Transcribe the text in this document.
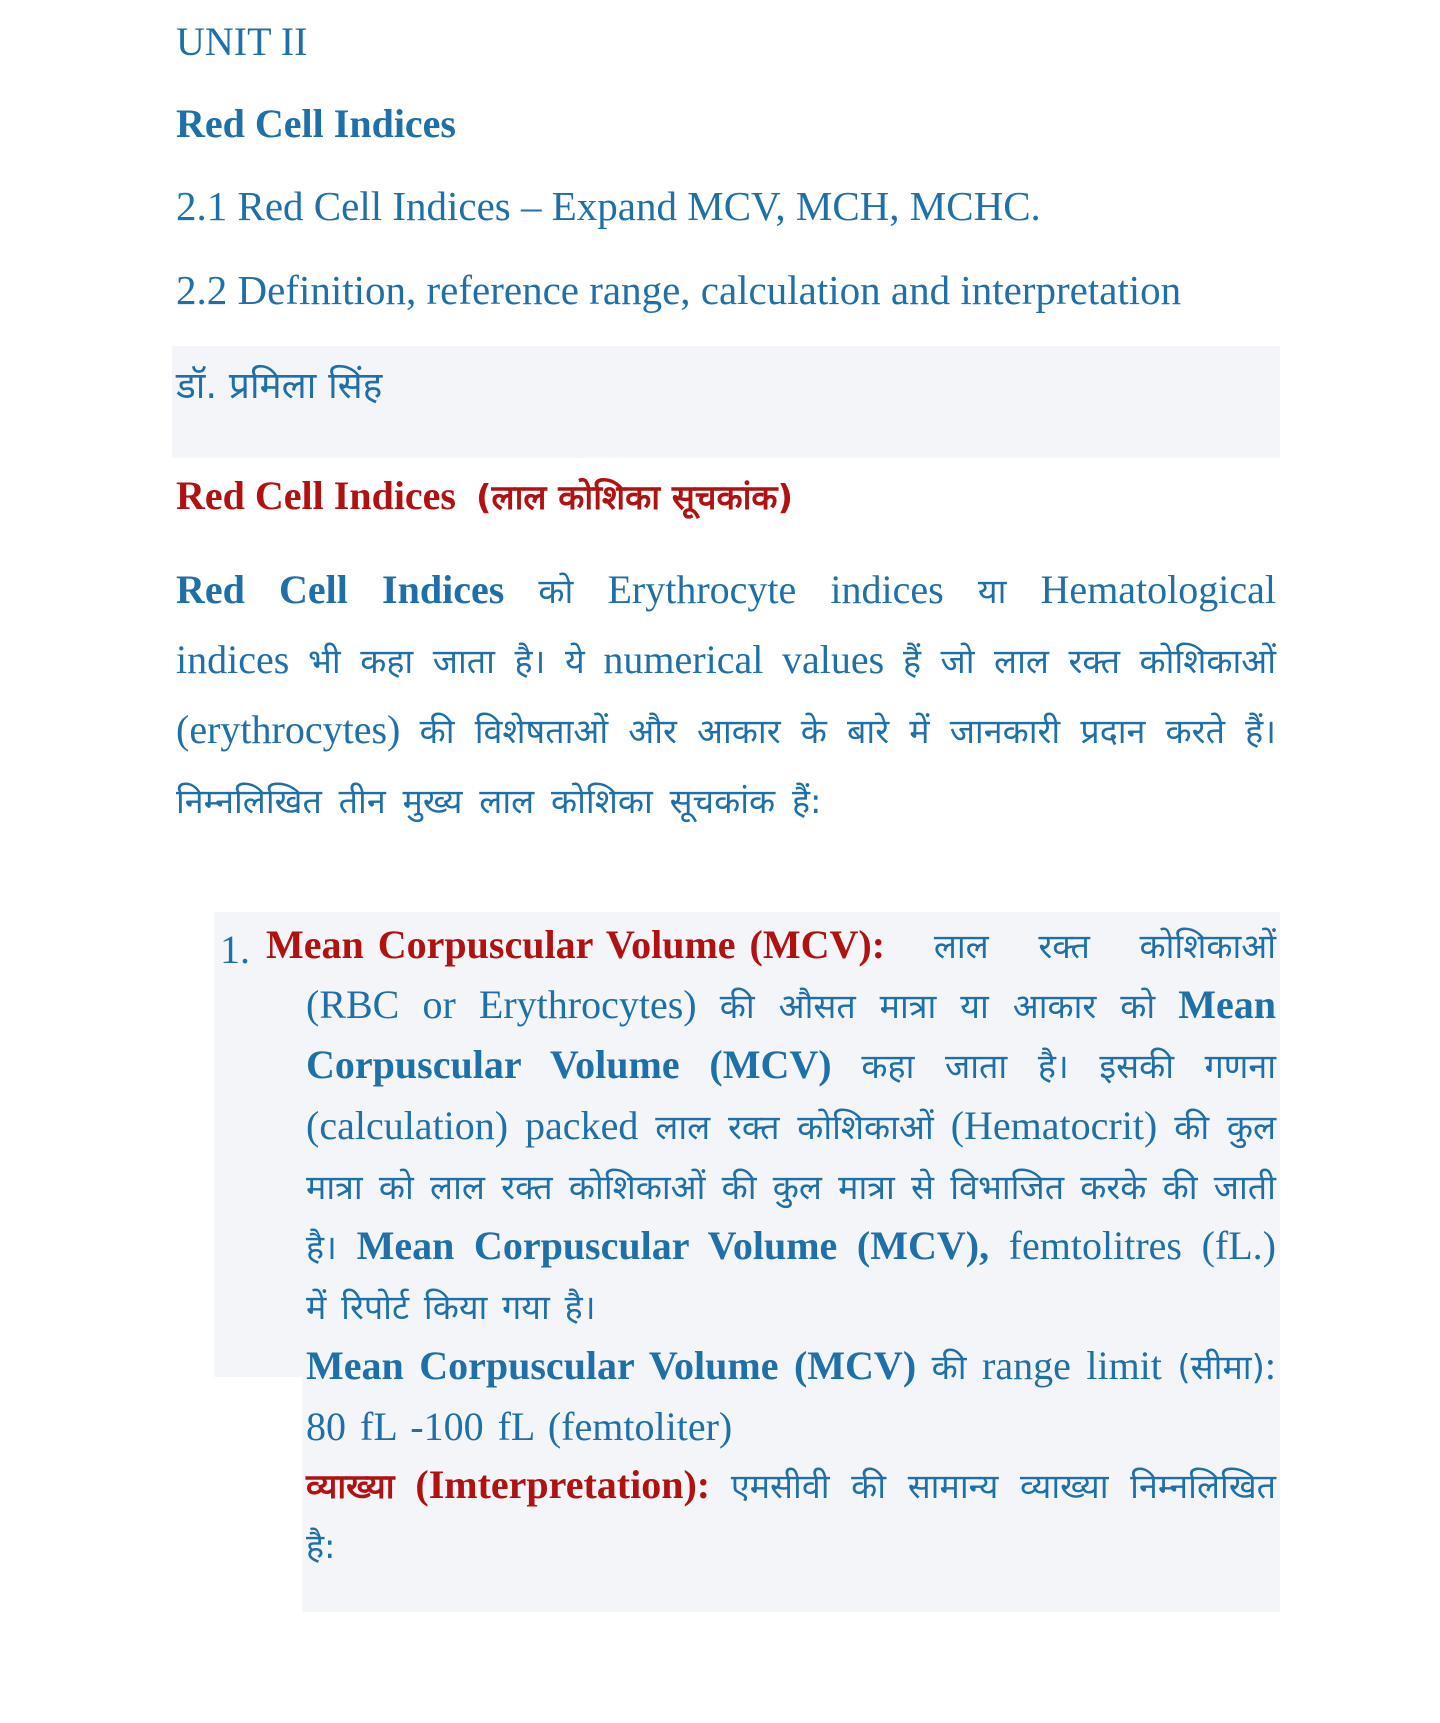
UNIT II
Red Cell Indices
2.1 Red Cell Indices – Expand MCV, MCH, MCHC.
2.2 Definition, reference range, calculation and interpretation
डॉ. प्रमिला सिंह
Red Cell Indices (लाल कोशिका सूचकांक)
Red Cell Indices को Erythrocyte indices या Hematological indices भी कहा जाता है। ये numerical values हैं जो लाल रक्त कोशिकाओं (erythrocytes) की विशेषताओं और आकार के बारे में जानकारी प्रदान करते हैं। निम्नलिखित तीन मुख्य लाल कोशिका सूचकांक हैं:
1. Mean Corpuscular Volume (MCV): लाल रक्त कोशिकाओं (RBC or Erythrocytes) की औसत मात्रा या आकार को Mean Corpuscular Volume (MCV) कहा जाता है। इसकी गणना (calculation) packed लाल रक्त कोशिकाओं (Hematocrit) की कुल मात्रा को लाल रक्त कोशिकाओं की कुल मात्रा से विभाजित करके की जाती है। Mean Corpuscular Volume (MCV), femtolitres (fL.) में रिपोर्ट किया गया है।

Mean Corpuscular Volume (MCV) की range limit (सीमा): 80 fL -100 fL (femtoliter)

व्याख्या (Imterpretation): एमसीवी की सामान्य व्याख्या निम्नलिखित है:
